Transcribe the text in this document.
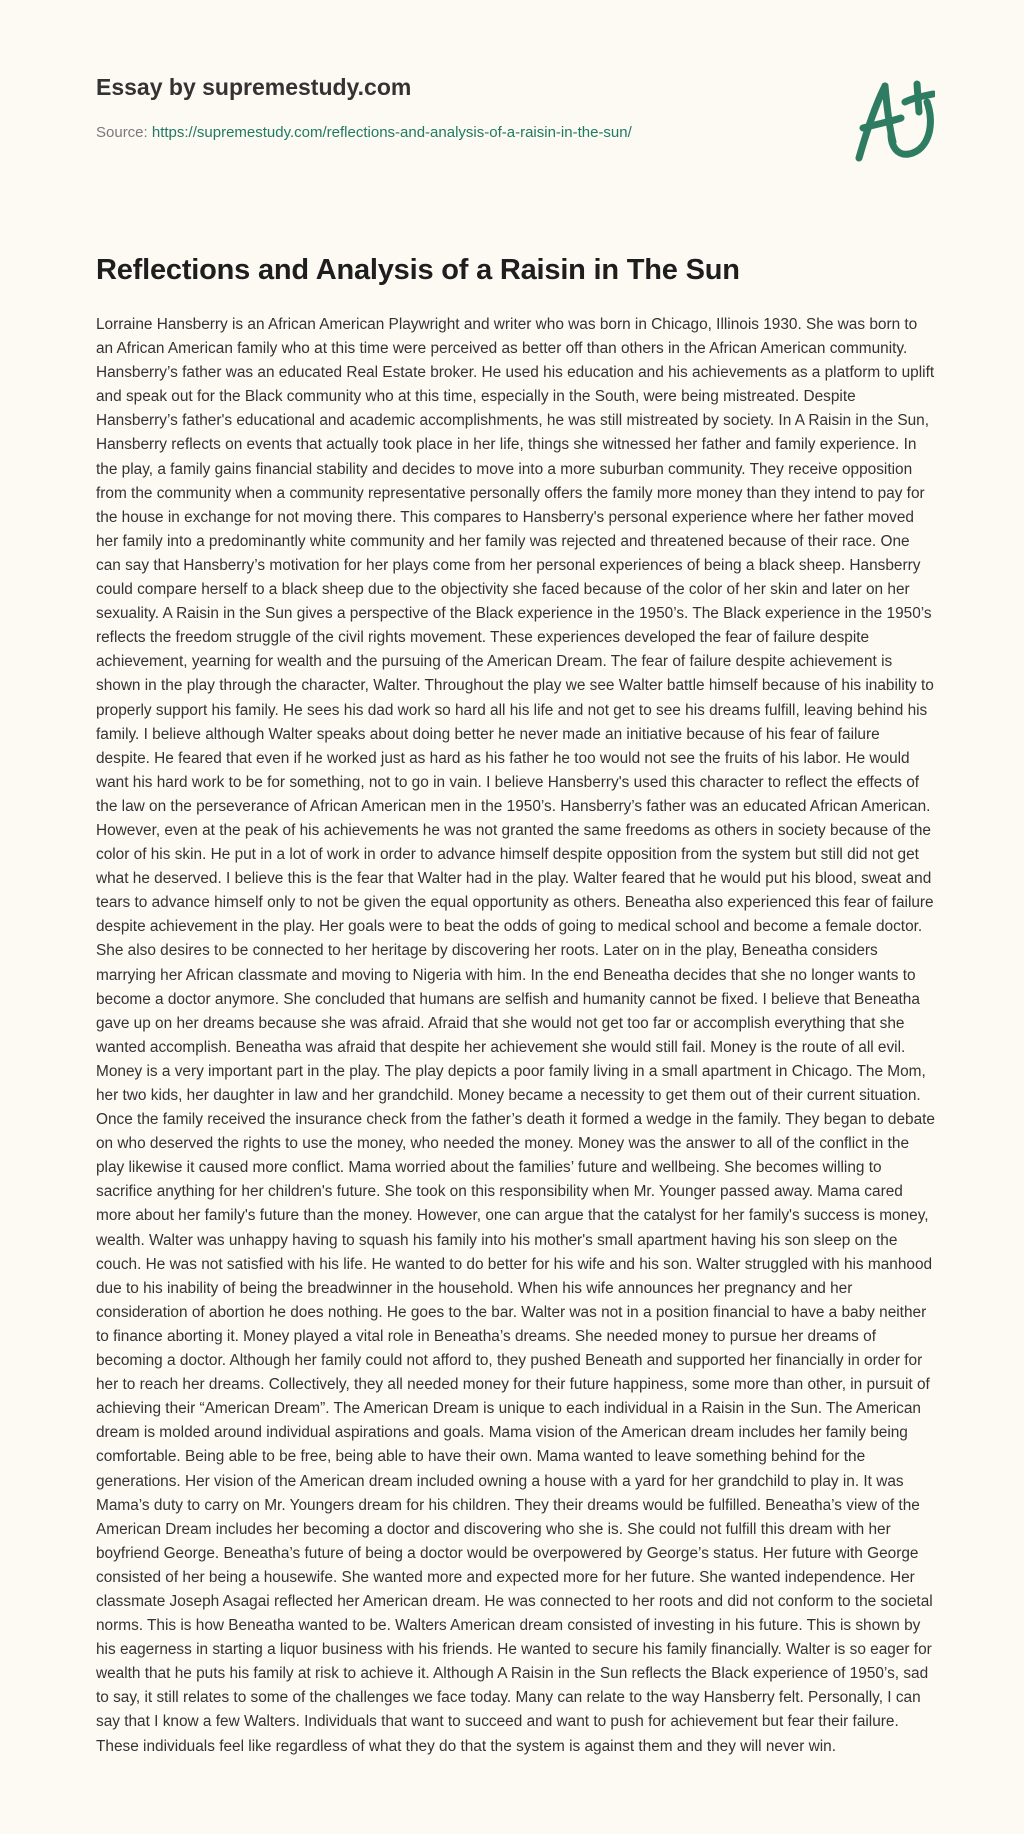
Essay by supremestudy.com
Source: https://supremestudy.com/reflections-and-analysis-of-a-raisin-in-the-sun/
Reflections and Analysis of a Raisin in The Sun

Lorraine Hansberry is an African American Playwright and writer who was born in Chicago, Illinois 1930. She was born to an African American family who at this time were perceived as better off than others in the African American community. Hansberry’s father was an educated Real Estate broker. He used his education and his achievements as a platform to uplift and speak out for the Black community who at this time, especially in the South, were being mistreated. Despite Hansberry’s father's educational and academic accomplishments, he was still mistreated by society. In A Raisin in the Sun, Hansberry reflects on events that actually took place in her life, things she witnessed her father and family experience. In the play, a family gains financial stability and decides to move into a more suburban community. They receive opposition from the community when a community representative personally offers the family more money than they intend to pay for the house in exchange for not moving there. This compares to Hansberry's personal experience where her father moved her family into a predominantly white community and her family was rejected and threatened because of their race. One can say that Hansberry’s motivation for her plays come from her personal experiences of being a black sheep. Hansberry could compare herself to a black sheep due to the objectivity she faced because of the color of her skin and later on her sexuality. A Raisin in the Sun gives a perspective of the Black experience in the 1950’s. The Black experience in the 1950’s reflects the freedom struggle of the civil rights movement. These experiences developed the fear of failure despite achievement, yearning for wealth and the pursuing of the American Dream. The fear of failure despite achievement is shown in the play through the character, Walter. Throughout the play we see Walter battle himself because of his inability to properly support his family. He sees his dad work so hard all his life and not get to see his dreams fulfill, leaving behind his family. I believe although Walter speaks about doing better he never made an initiative because of his fear of failure despite. He feared that even if he worked just as hard as his father he too would not see the fruits of his labor. He would want his hard work to be for something, not to go in vain. I believe Hansberry's used this character to reflect the effects of the law on the perseverance of African American men in the 1950’s. Hansberry’s father was an educated African American. However, even at the peak of his achievements he was not granted the same freedoms as others in society because of the color of his skin. He put in a lot of work in order to advance himself despite opposition from the system but still did not get what he deserved. I believe this is the fear that Walter had in the play. Walter feared that he would put his blood, sweat and tears to advance himself only to not be given the equal opportunity as others. Beneatha also experienced this fear of failure despite achievement in the play. Her goals were to beat the odds of going to medical school and become a female doctor. She also desires to be connected to her heritage by discovering her roots. Later on in the play, Beneatha considers marrying her African classmate and moving to Nigeria with him. In the end Beneatha decides that she no longer wants to become a doctor anymore. She concluded that humans are selfish and humanity cannot be fixed. I believe that Beneatha gave up on her dreams because she was afraid. Afraid that she would not get too far or accomplish everything that she wanted accomplish. Beneatha was afraid that despite her achievement she would still fail. Money is the route of all evil. Money is a very important part in the play. The play depicts a poor family living in a small apartment in Chicago. The Mom, her two kids, her daughter in law and her grandchild. Money became a necessity to get them out of their current situation. Once the family received the insurance check from the father’s death it formed a wedge in the family. They began to debate on who deserved the rights to use the money, who needed the money. Money was the answer to all of the conflict in the play likewise it caused more conflict. Mama worried about the families’ future and wellbeing. She becomes willing to sacrifice anything for her children's future. She took on this responsibility when Mr. Younger passed away. Mama cared more about her family's future than the money. However, one can argue that the catalyst for her family's success is money, wealth. Walter was unhappy having to squash his family into his mother's small apartment having his son sleep on the couch. He was not satisfied with his life. He wanted to do better for his wife and his son. Walter struggled with his manhood due to his inability of being the breadwinner in the household. When his wife announces her pregnancy and her consideration of abortion he does nothing. He goes to the bar. Walter was not in a position financial to have a baby neither to finance aborting it. Money played a vital role in Beneatha’s dreams. She needed money to pursue her dreams of becoming a doctor. Although her family could not afford to, they pushed Beneath and supported her financially in order for her to reach her dreams. Collectively, they all needed money for their future happiness, some more than other, in pursuit of achieving their “American Dream”. The American Dream is unique to each individual in a Raisin in the Sun. The American dream is molded around individual aspirations and goals. Mama vision of the American dream includes her family being comfortable. Being able to be free, being able to have their own. Mama wanted to leave something behind for the generations. Her vision of the American dream included owning a house with a yard for her grandchild to play in. It was Mama’s duty to carry on Mr. Youngers dream for his children. They their dreams would be fulfilled. Beneatha’s view of the American Dream includes her becoming a doctor and discovering who she is. She could not fulfill this dream with her boyfriend George. Beneatha’s future of being a doctor would be overpowered by George’s status. Her future with George consisted of her being a housewife. She wanted more and expected more for her future. She wanted independence. Her classmate Joseph Asagai reflected her American dream. He was connected to her roots and did not conform to the societal norms. This is how Beneatha wanted to be. Walters American dream consisted of investing in his future. This is shown by his eagerness in starting a liquor business with his friends. He wanted to secure his family financially. Walter is so eager for wealth that he puts his family at risk to achieve it. Although A Raisin in the Sun reflects the Black experience of 1950’s, sad to say, it still relates to some of the challenges we face today. Many can relate to the way Hansberry felt. Personally, I can say that I know a few Walters. Individuals that want to succeed and want to push for achievement but fear their failure. These individuals feel like regardless of what they do that the system is against them and they will never win.
